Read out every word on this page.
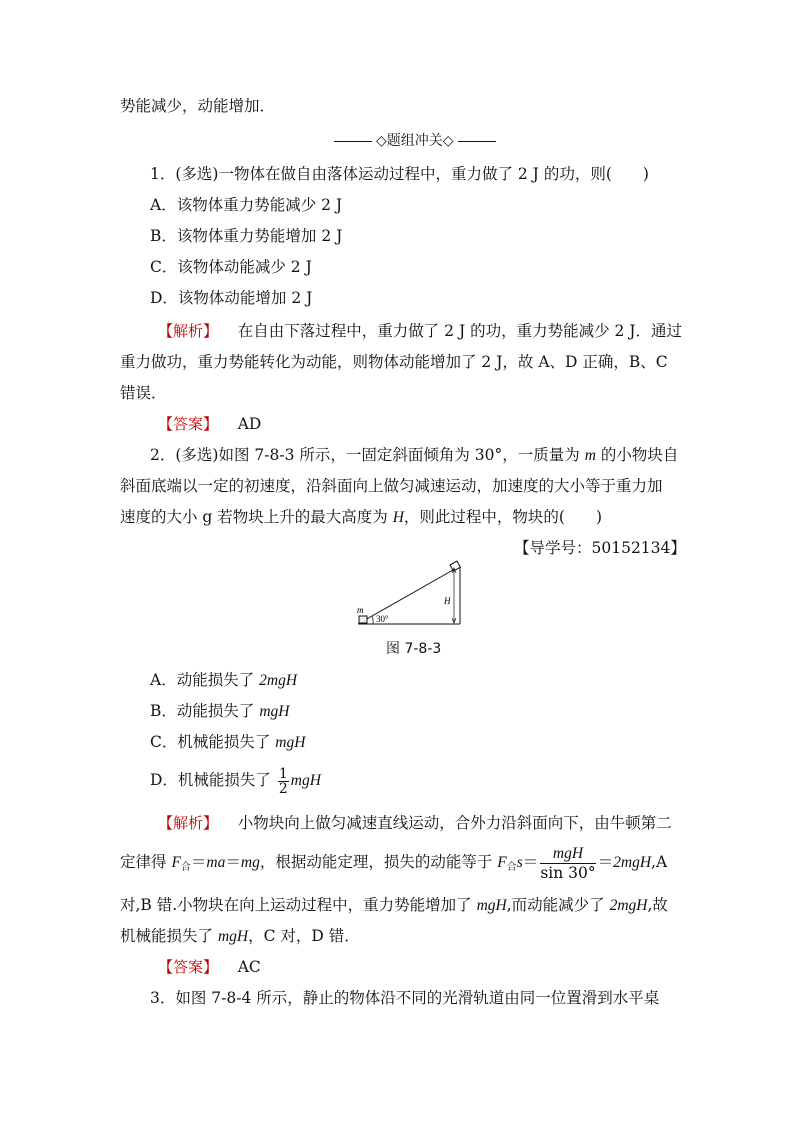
势能减少，动能增加．
◇题组冲关◇
1．(多选)一物体在做自由落体运动过程中，重力做了 2 J 的功，则(　　)
A．该物体重力势能减少 2 J
B．该物体重力势能增加 2 J
C．该物体动能减少 2 J
D．该物体动能增加 2 J
【解析】 在自由下落过程中，重力做了 2 J 的功，重力势能减少 2 J．通过
重力做功，重力势能转化为动能，则物体动能增加了 2 J，故 A、D 正确，B、C
错误．
【答案】 AD
2．(多选)如图 7-8-3 所示，一固定斜面倾角为 30°，一质量为 m 的小物块自
斜面底端以一定的初速度，沿斜面向上做匀减速运动，加速度的大小等于重力加
速度的大小 g 若物块上升的最大高度为 H，则此过程中，物块的(　　)
【导学号：50152134】
m
30°
H
图 7-8-3
A．动能损失了 2mgH
B．动能损失了 mgH
C．机械能损失了 mgH
D．机械能损失了 $\frac{1}{2}$ mgH
【解析】 小物块向上做匀减速直线运动，合外力沿斜面向下，由牛顿第二
定律得 $F_合=ma=mg$，根据动能定理，损失的动能等于 $F_合s= \frac{\text{mgH}}{\sin 30^\circ} =2mgH,A$
对,B 错.小物块在向上运动过程中，重力势能增加了 mgH,而动能减少了 2mgH,故
机械能损失了 mgH，C 对，D 错．
【答案】 AC
3．如图 7-8-4 所示，静止的物体沿不同的光滑轨道由同一位置滑到水平桌
